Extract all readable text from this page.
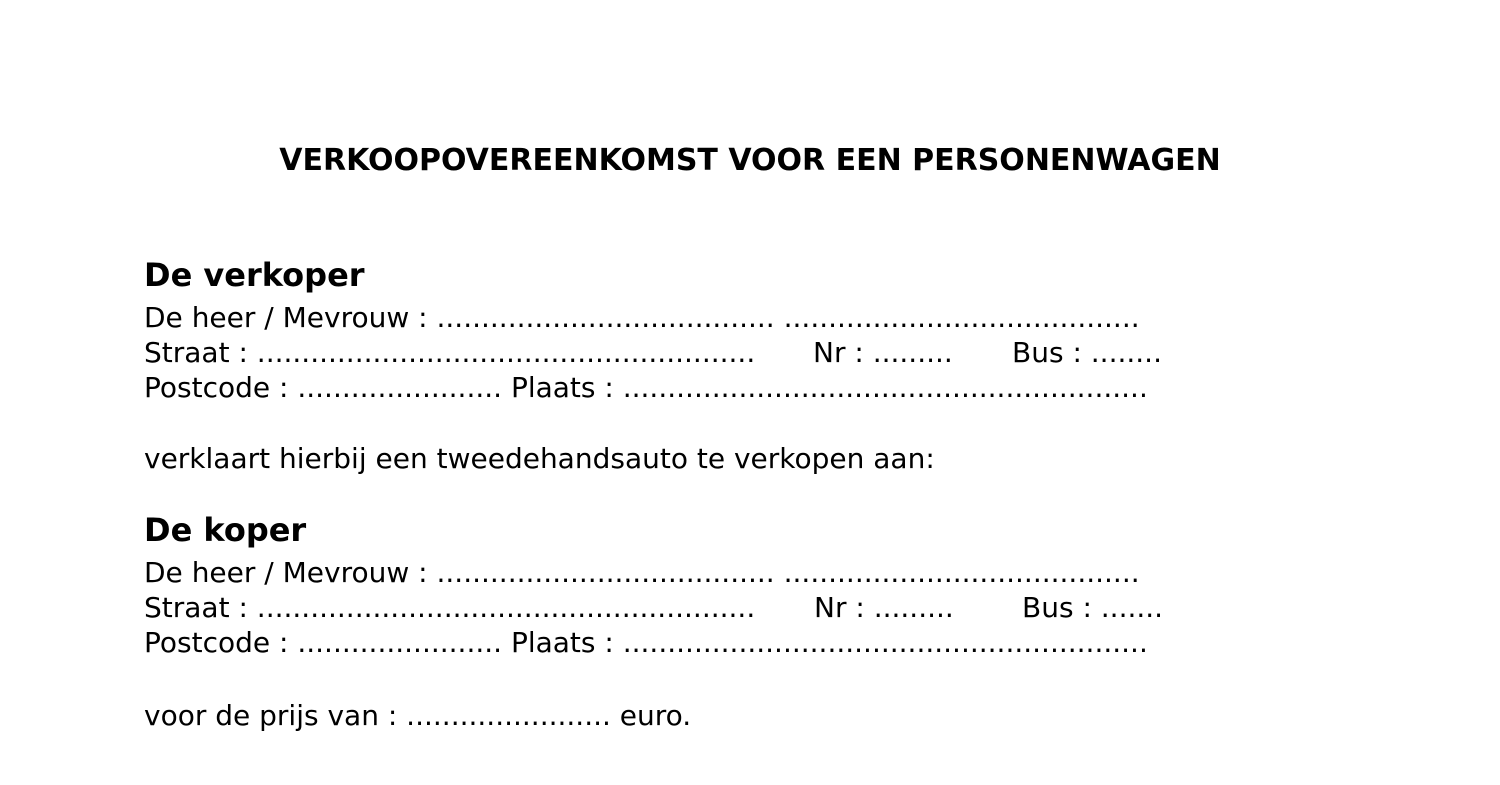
VERKOOPOVEREENKOMST VOOR EEN PERSONENWAGEN
De verkoper
De heer / Mevrouw : ...................................... ........................................
Straat : ........................................................ Nr : ......... Bus : ........
Postcode : ....................... Plaats : ...........................................................
verklaart hierbij een tweedehandsauto te verkopen aan:
De koper
De heer / Mevrouw : ...................................... ........................................
Straat : ........................................................ Nr : ......... Bus : .......
Postcode : ....................... Plaats : ...........................................................
voor de prijs van : ....................... euro.
